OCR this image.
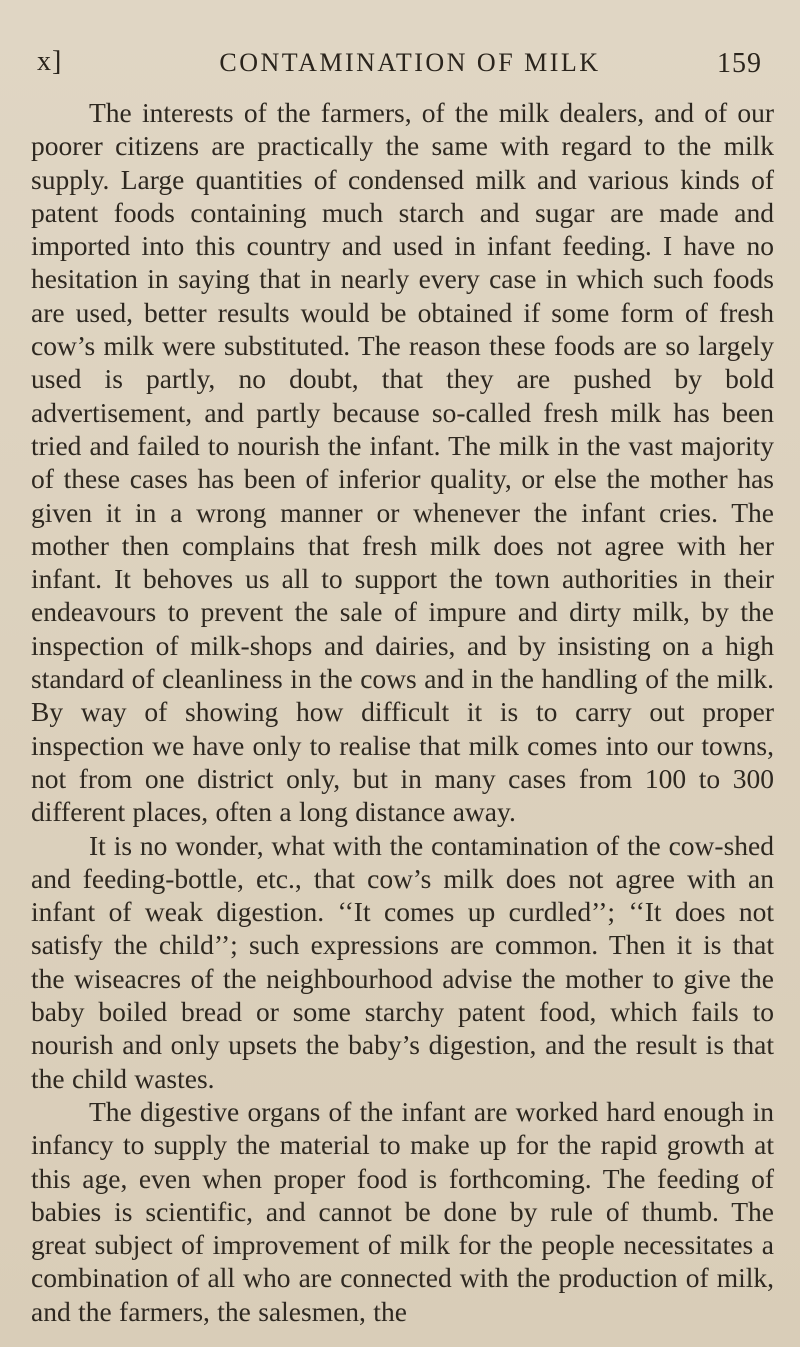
x]	CONTAMINATION OF MILK	159

The interests of the farmers, of the milk dealers, and of our poorer citizens are practically the same with regard to the milk supply. Large quantities of condensed milk and various kinds of patent foods containing much starch and sugar are made and imported into this country and used in infant feeding. I have no hesitation in saying that in nearly every case in which such foods are used, better results would be obtained if some form of fresh cow’s milk were substituted. The reason these foods are so largely used is partly, no doubt, that they are pushed by bold advertisement, and partly because so-called fresh milk has been tried and failed to nourish the infant. The milk in the vast majority of these cases has been of inferior quality, or else the mother has given it in a wrong manner or whenever the infant cries. The mother then complains that fresh milk does not agree with her infant. It behoves us all to support the town authorities in their endeavours to prevent the sale of impure and dirty milk, by the inspection of milk-shops and dairies, and by insisting on a high standard of cleanliness in the cows and in the handling of the milk. By way of showing how difficult it is to carry out proper inspection we have only to realise that milk comes into our towns, not from one district only, but in many cases from 100 to 300 different places, often a long distance away.

It is no wonder, what with the contamination of the cow-shed and feeding-bottle, etc., that cow’s milk does not agree with an infant of weak digestion. ‘‘It comes up curdled’’; ‘‘It does not satisfy the child’’; such expressions are common. Then it is that the wiseacres of the neighbourhood advise the mother to give the baby boiled bread or some starchy patent food, which fails to nourish and only upsets the baby’s digestion, and the result is that the child wastes.

The digestive organs of the infant are worked hard enough in infancy to supply the material to make up for the rapid growth at this age, even when proper food is forthcoming. The feeding of babies is scientific, and cannot be done by rule of thumb. The great subject of improvement of milk for the people necessitates a combination of all who are connected with the production of milk, and the farmers, the salesmen, the
